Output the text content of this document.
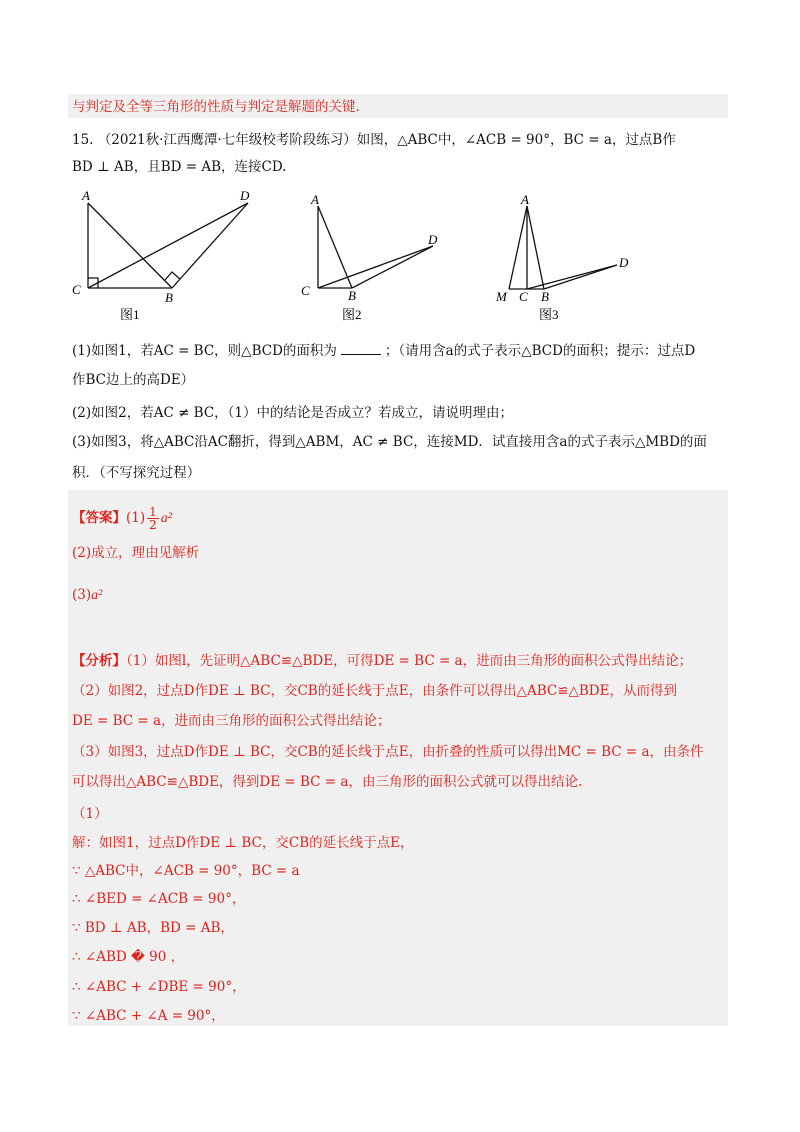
与判定及全等三角形的性质与判定是解题的关键.
15. （2021秋·江西鹰潭·七年级校考阶段练习）如图，△ABC中，∠ACB = 90°，BC = a，过点B作
BD ⊥ AB，且BD = AB，连接CD.
A	D
C
B
图1
A
D
C	B
图2
A
D
M C B
图3
(1)如图1，若AC = BC，则△BCD的面积为	；（请用含a的式子表示△BCD的面积；提示：过点D
作BC边上的高DE）
(2)如图2，若AC ≠ BC，（1）中的结论是否成立？若成立，请说明理由；
(3)如图3，将△ABC沿AC翻折，得到△ABM，AC ≠ BC，连接MD．试直接用含a的式子表示△MBD的面
积．（不写探究过程）
【答案】$(1) \frac{1}{2} a^2$
(2)成立，理由见解析
(3)a²
【分析】（1）如图l，先证明△ABC≌△BDE，可得DE = BC = a，进而由三角形的面积公式得出结论；
（2）如图2，过点D作DE ⊥ BC，交CB的延长线于点E，由条件可以得出△ABC≌△BDE，从而得到
DE = BC = a，进而由三角形的面积公式得出结论；
（3）如图3，过点D作DE ⊥ BC，交CB的延长线于点E，由折叠的性质可以得出MC = BC = a，由条件
可以得出△ABC≌△BDE，得到DE = BC = a，由三角形的面积公式就可以得出结论.
（1）
解：如图1，过点D作DE ⊥ BC，交CB的延长线于点E，
∵ △ABC中，∠ACB = 90°，BC = a
∴ ∠BED = ∠ACB = 90°，
∵ BD ⊥ AB，BD = AB，
∴ ∠ABD � 90 ，
∴ ∠ABC + ∠DBE = 90°，
∵ ∠ABC + ∠A = 90°，
